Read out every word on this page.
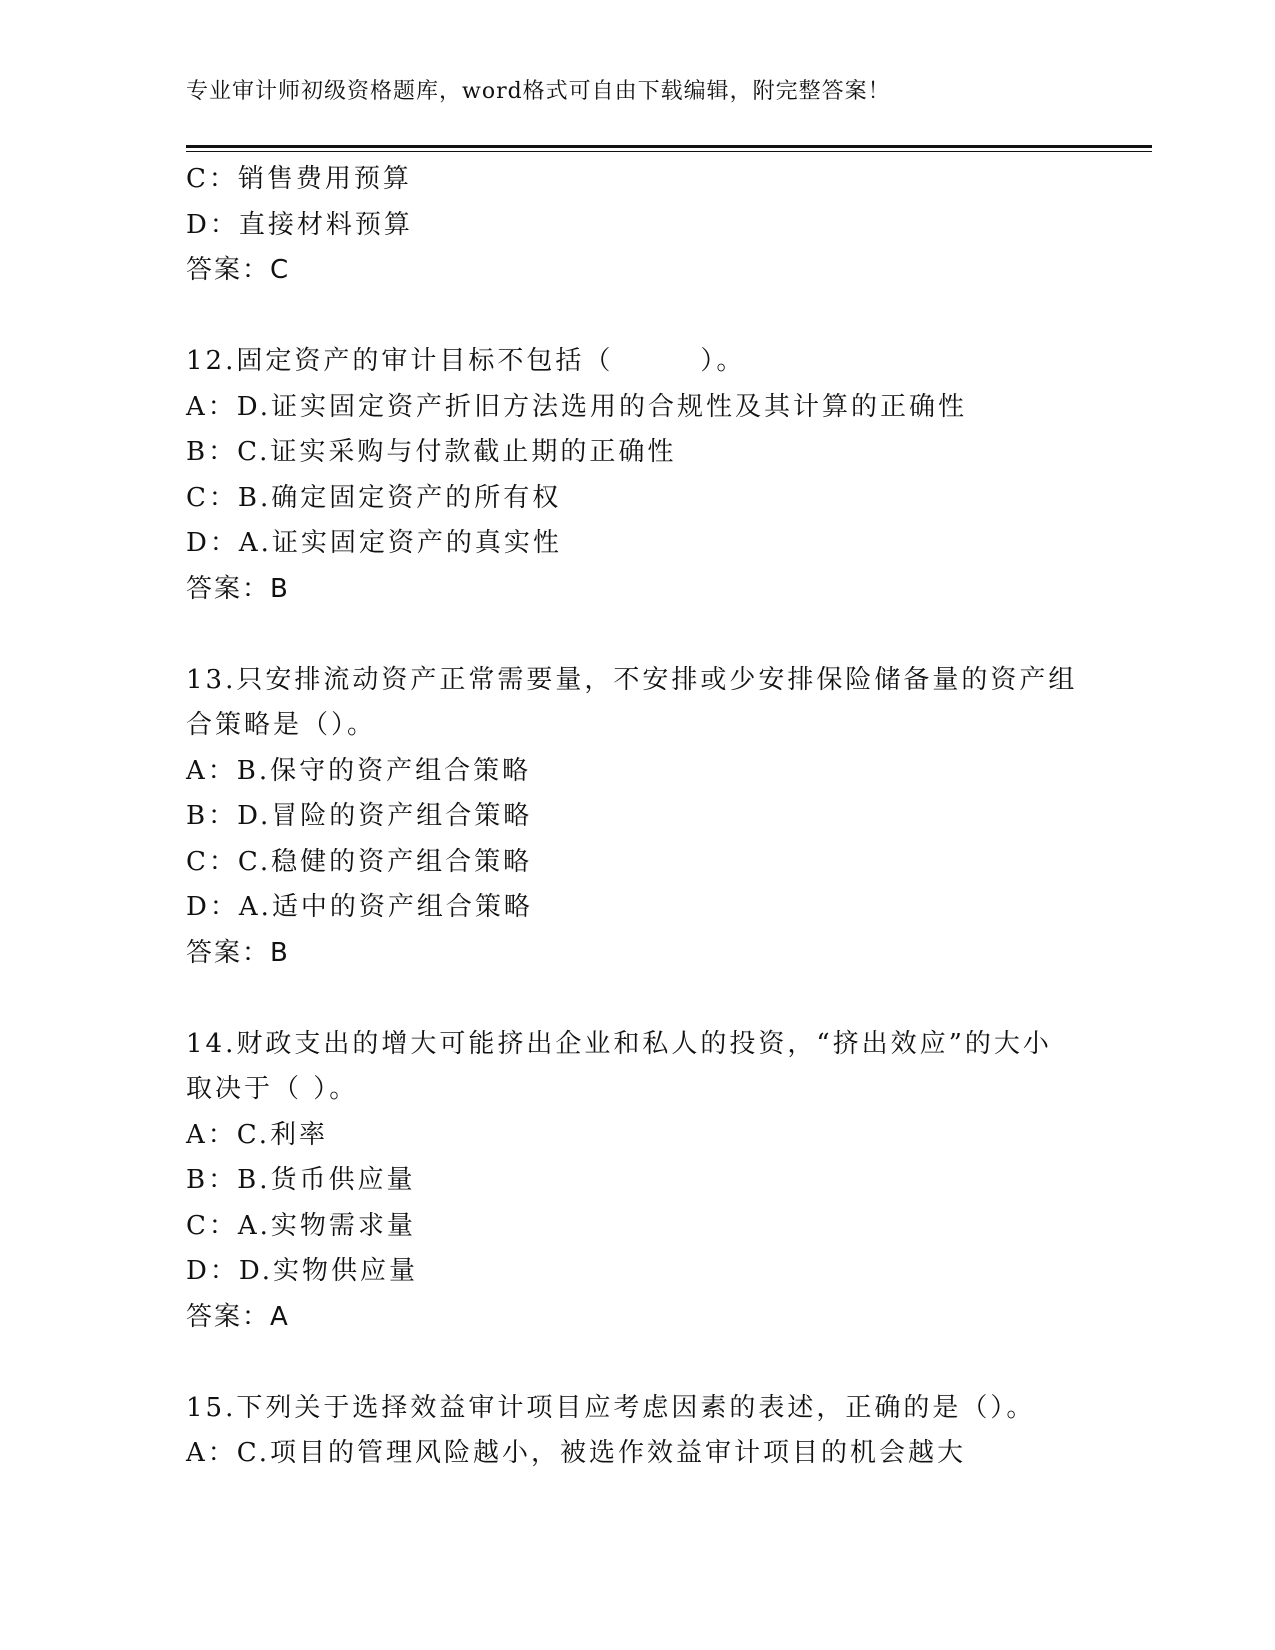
专业审计师初级资格题库，word格式可自由下载编辑，附完整答案！
C：销售费用预算
D：直接材料预算
答案：C
12.固定资产的审计目标不包括（　　　）。
A：D.证实固定资产折旧方法选用的合规性及其计算的正确性
B：C.证实采购与付款截止期的正确性
C：B.确定固定资产的所有权
D：A.证实固定资产的真实性
答案：B
13.只安排流动资产正常需要量，不安排或少安排保险储备量的资产组
合策略是（）。
A：B.保守的资产组合策略
B：D.冒险的资产组合策略
C：C.稳健的资产组合策略
D：A.适中的资产组合策略
答案：B
14.财政支出的增大可能挤出企业和私人的投资，“挤出效应”的大小
取决于（ ）。
A：C.利率
B：B.货币供应量
C：A.实物需求量
D：D.实物供应量
答案：A
15.下列关于选择效益审计项目应考虑因素的表述，正确的是（）。
A：C.项目的管理风险越小，被选作效益审计项目的机会越大
